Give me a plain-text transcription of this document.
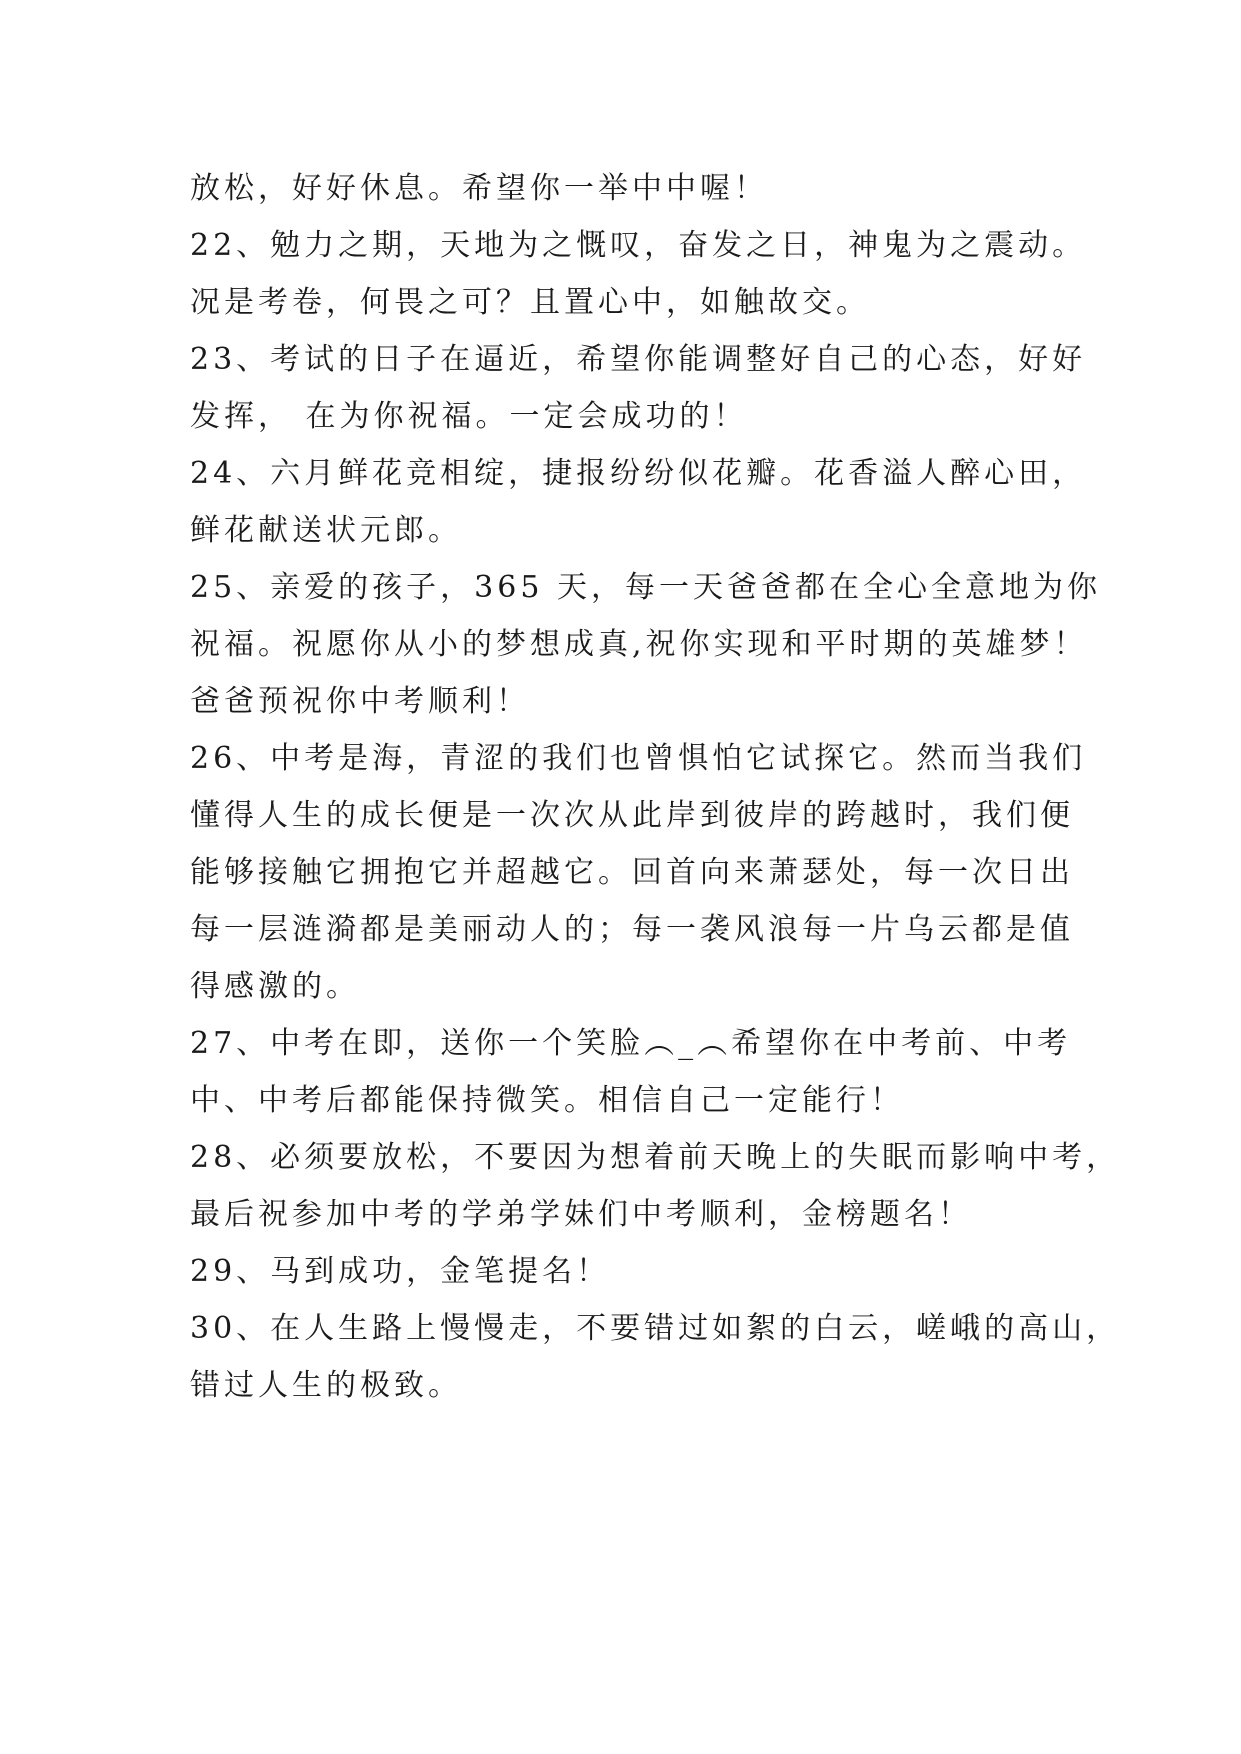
放松，好好休息。希望你一举中中喔！
22、勉力之期，天地为之慨叹，奋发之日，神鬼为之震动。
况是考卷，何畏之可？且置心中，如触故交。
23、考试的日子在逼近，希望你能调整好自己的心态，好好
发挥， 在为你祝福。一定会成功的！
24、六月鲜花竞相绽，捷报纷纷似花瓣。花香溢人醉心田，
鲜花献送状元郎。
25、亲爱的孩子，365 天，每一天爸爸都在全心全意地为你
祝福。祝愿你从小的梦想成真,祝你实现和平时期的英雄梦！
爸爸预祝你中考顺利！
26、中考是海，青涩的我们也曾惧怕它试探它。然而当我们
懂得人生的成长便是一次次从此岸到彼岸的跨越时，我们便
能够接触它拥抱它并超越它。回首向来萧瑟处，每一次日出
每一层涟漪都是美丽动人的；每一袭风浪每一片乌云都是值
得感激的。
27、中考在即，送你一个笑脸︵_︵希望你在中考前、中考
中、中考后都能保持微笑。相信自己一定能行！
28、必须要放松，不要因为想着前天晚上的失眠而影响中考，
最后祝参加中考的学弟学妹们中考顺利，金榜题名！
29、马到成功，金笔提名！
30、在人生路上慢慢走，不要错过如絮的白云，嵯峨的高山，
错过人生的极致。
